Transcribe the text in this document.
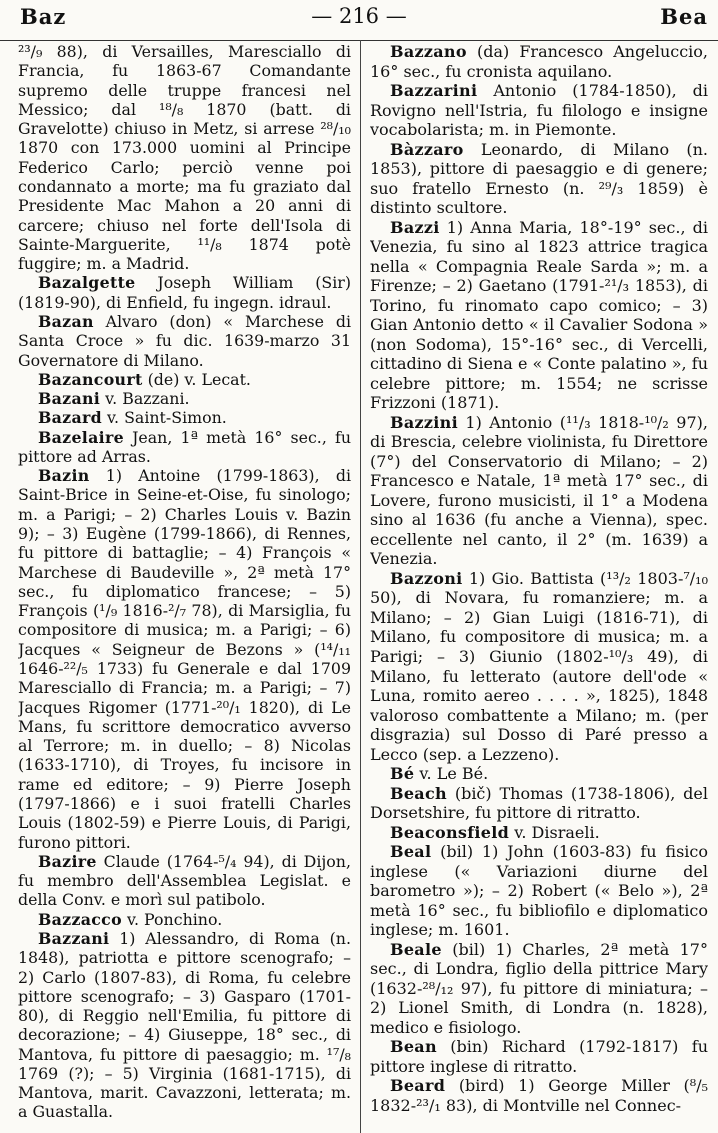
— 216 —
Baz	Bea

²³/₉ 88), di Versailles, Maresciallo di Francia, fu 1863-67 Comandante supremo delle truppe francesi nel Messico; dal ¹⁸/₈ 1870 (batt. di Gravelotte) chiuso in Metz, si arrese ²⁸/₁₀ 1870 con 173.000 uomini al Principe Federico Carlo; perciò venne poi condannato a morte; ma fu graziato dal Presidente Mac Mahon a 20 anni di carcere; chiuso nel forte dell'Isola di Sainte-Marguerite, ¹¹/₈ 1874 potè fuggire; m. a Madrid.

Bazalgette Joseph William (Sir) (1819-90), di Enfield, fu ingegn. idraul.

Bazan Alvaro (don) « Marchese di Santa Croce » fu dic. 1639-marzo 31 Governatore di Milano.

Bazancourt (de) v. Lecat.

Bazani v. Bazzani.

Bazard v. Saint-Simon.

Bazelaire Jean, 1ª metà 16° sec., fu pittore ad Arras.

Bazin 1) Antoine (1799-1863), di Saint-Brice in Seine-et-Oise, fu sinologo; m. a Parigi; – 2) Charles Louis v. Bazin 9); – 3) Eugène (1799-1866), di Rennes, fu pittore di battaglie; – 4) François « Marchese di Baudeville », 2ª metà 17° sec., fu diplomatico francese; – 5) François (¹/₉ 1816-²/₇ 78), di Marsiglia, fu compositore di musica; m. a Parigi; – 6) Jacques « Seigneur de Bezons » (¹⁴/₁₁ 1646-²²/₅ 1733) fu Generale e dal 1709 Maresciallo di Francia; m. a Parigi; – 7) Jacques Rigomer (1771-²⁰/₁ 1820), di Le Mans, fu scrittore democratico avverso al Terrore; m. in duello; – 8) Nicolas (1633-1710), di Troyes, fu incisore in rame ed editore; – 9) Pierre Joseph (1797-1866) e i suoi fratelli Charles Louis (1802-59) e Pierre Louis, di Parigi, furono pittori.

Bazire Claude (1764-⁵/₄ 94), di Dijon, fu membro dell'Assemblea Legislat. e della Conv. e morì sul patibolo.

Bazzacco v. Ponchino.

Bazzani 1) Alessandro, di Roma (n. 1848), patriotta e pittore scenografo; – 2) Carlo (1807-83), di Roma, fu celebre pittore scenografo; – 3) Gasparo (1701-80), di Reggio nell'Emilia, fu pittore di decorazione; – 4) Giuseppe, 18° sec., di Mantova, fu pittore di paesaggio; m. ¹⁷/₈ 1769 (?); – 5) Virginia (1681-1715), di Mantova, marit. Cavazzoni, letterata; m. a Guastalla.

Bazzano (da) Francesco Angeluccio, 16° sec., fu cronista aquilano.

Bazzarini Antonio (1784-1850), di Rovigno nell'Istria, fu filologo e insigne vocabolarista; m. in Piemonte.

Bàzzaro Leonardo, di Milano (n. 1853), pittore di paesaggio e di genere; suo fratello Ernesto (n. ²⁹/₃ 1859) è distinto scultore.

Bazzi 1) Anna Maria, 18°-19° sec., di Venezia, fu sino al 1823 attrice tragica nella « Compagnia Reale Sarda »; m. a Firenze; – 2) Gaetano (1791-²¹/₃ 1853), di Torino, fu rinomato capo comico; – 3) Gian Antonio detto « il Cavalier Sodona » (non Sodoma), 15°-16° sec., di Vercelli, cittadino di Siena e « Conte palatino », fu celebre pittore; m. 1554; ne scrisse Frizzoni (1871).

Bazzini 1) Antonio (¹¹/₃ 1818-¹⁰/₂ 97), di Brescia, celebre violinista, fu Direttore (7°) del Conservatorio di Milano; – 2) Francesco e Natale, 1ª metà 17° sec., di Lovere, furono musicisti, il 1° a Modena sino al 1636 (fu anche a Vienna), spec. eccellente nel canto, il 2° (m. 1639) a Venezia.

Bazzoni 1) Gio. Battista (¹³/₂ 1803-⁷/₁₀ 50), di Novara, fu romanziere; m. a Milano; – 2) Gian Luigi (1816-71), di Milano, fu compositore di musica; m. a Parigi; – 3) Giunio (1802-¹⁰/₃ 49), di Milano, fu letterato (autore dell'ode « Luna, romito aereo . . . . », 1825), 1848 valoroso combattente a Milano; m. (per disgrazia) sul Dosso di Paré presso a Lecco (sep. a Lezzeno).

Bé v. Le Bé.

Beach (bič) Thomas (1738-1806), del Dorsetshire, fu pittore di ritratto.

Beaconsfield v. Disraeli.

Beal (bil) 1) John (1603-83) fu fisico inglese (« Variazioni diurne del barometro »); – 2) Robert (« Belo »), 2ª metà 16° sec., fu bibliofilo e diplomatico inglese; m. 1601.

Beale (bil) 1) Charles, 2ª metà 17° sec., di Londra, figlio della pittrice Mary (1632-²⁸/₁₂ 97), fu pittore di miniatura; – 2) Lionel Smith, di Londra (n. 1828), medico e fisiologo.

Bean (bin) Richard (1792-1817) fu pittore inglese di ritratto.

Beard (bird) 1) George Miller (⁸/₅ 1832-²³/₁ 83), di Montville nel Connec-
